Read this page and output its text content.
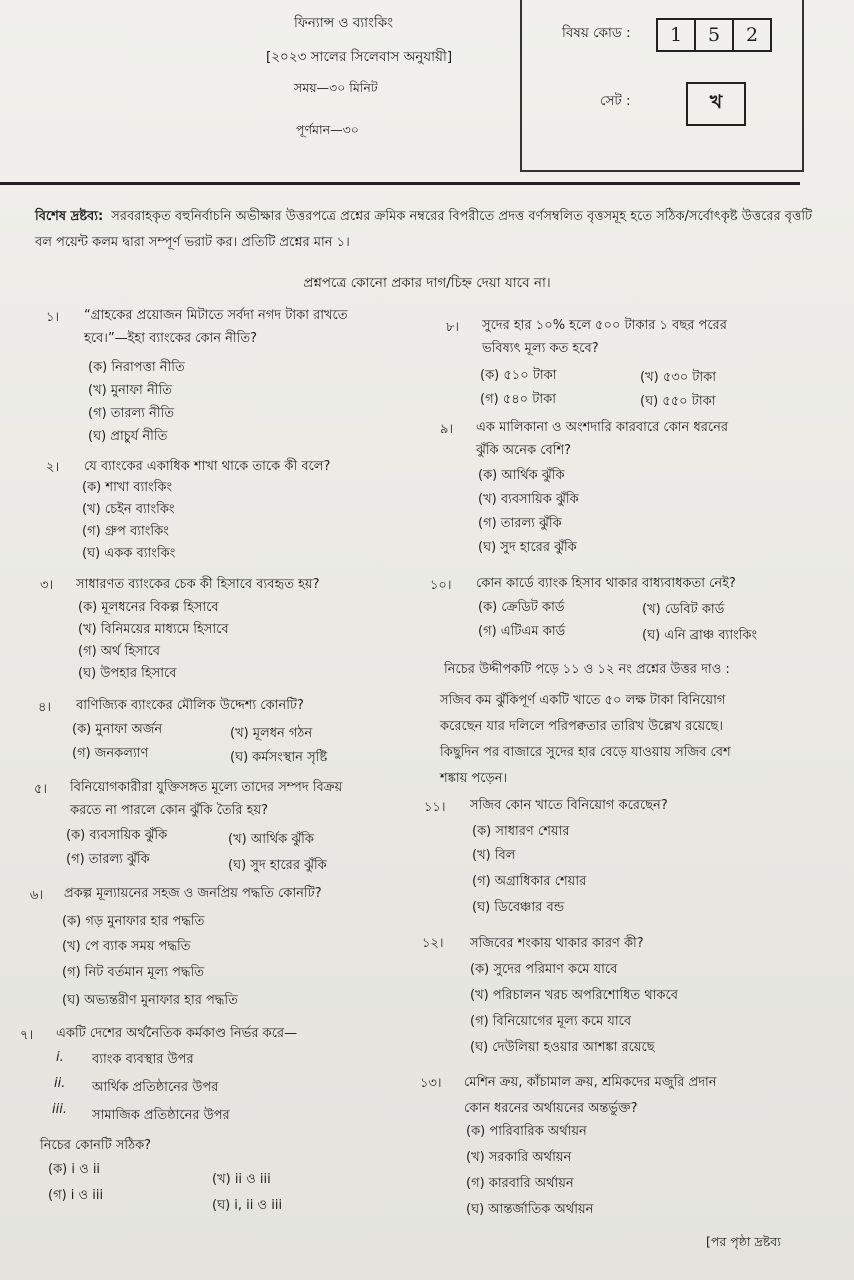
ফিন্যান্স ও ব্যাংকিং
[২০২৩ সালের সিলেবাস অনুযায়ী]
সময়—৩০ মিনিট
পূর্ণমান—৩০
বিষয় কোড :	1	5	2
সেট :	খ
বিশেষ দ্রষ্টব্য: সরবরাহকৃত বহুনির্বাচনি অভীক্ষার উত্তরপত্রে প্রশ্নের ক্রমিক নম্বরের বিপরীতে প্রদত্ত বর্ণসম্বলিত বৃত্তসমূহ হতে সঠিক/সর্বোৎকৃষ্ট উত্তরের বৃত্তটি বল পয়েন্ট কলম দ্বারা সম্পূর্ণ ভরাট কর। প্রতিটি প্রশ্নের মান ১।
প্রশ্নপত্রে কোনো প্রকার দাগ/চিহ্ন দেয়া যাবে না।
১। “গ্রাহকের প্রয়োজন মিটাতে সর্বদা নগদ টাকা রাখতে
হবে।”—ইহা ব্যাংকের কোন নীতি?
(ক) নিরাপত্তা নীতি
(খ) মুনাফা নীতি
(গ) তারল্য নীতি
(ঘ) প্রাচুর্য নীতি
২। যে ব্যাংকের একাধিক শাখা থাকে তাকে কী বলে?
(ক) শাখা ব্যাংকিং
(খ) চেইন ব্যাংকিং
(গ) গ্রুপ ব্যাংকিং
(ঘ) একক ব্যাংকিং
৩। সাধারণত ব্যাংকের চেক কী হিসাবে ব্যবহৃত হয়?
(ক) মূলধনের বিকল্প হিসাবে
(খ) বিনিময়ের মাধ্যমে হিসাবে
(গ) অর্থ হিসাবে
(ঘ) উপহার হিসাবে
৪। বাণিজ্যিক ব্যাংকের মৌলিক উদ্দেশ্য কোনটি?
(ক) মুনাফা অর্জন	(খ) মূলধন গঠন
(গ) জনকল্যাণ	(ঘ) কর্মসংস্থান সৃষ্টি
৫। বিনিয়োগকারীরা যুক্তিসঙ্গত মূল্যে তাদের সম্পদ বিক্রয়
করতে না পারলে কোন ঝুঁকি তৈরি হয়?
(ক) ব্যবসায়িক ঝুঁকি	(খ) আর্থিক ঝুঁকি
(গ) তারল্য ঝুঁকি	(ঘ) সুদ হারের ঝুঁকি
৬। প্রকল্প মূল্যায়নের সহজ ও জনপ্রিয় পদ্ধতি কোনটি?
(ক) গড় মুনাফার হার পদ্ধতি
(খ) পে ব্যাক সময় পদ্ধতি
(গ) নিট বর্তমান মূল্য পদ্ধতি
(ঘ) অভ্যন্তরীণ মুনাফার হার পদ্ধতি
৭। একটি দেশের অর্থনৈতিক কর্মকাণ্ড নির্ভর করে—
i. ব্যাংক ব্যবস্থার উপর
ii. আর্থিক প্রতিষ্ঠানের উপর
iii. সামাজিক প্রতিষ্ঠানের উপর
নিচের কোনটি সঠিক?
(ক) i ও ii
(খ) ii ও iii
(গ) i ও iii
(ঘ) i, ii ও iii
৮। সুদের হার ১০% হলে ৫০০ টাকার ১ বছর পরের
ভবিষ্যৎ মূল্য কত হবে?
(ক) ৫১০ টাকা	(খ) ৫৩০ টাকা
(গ) ৫৪০ টাকা	(ঘ) ৫৫০ টাকা
৯। এক মালিকানা ও অংশদারি কারবারে কোন ধরনের
ঝুঁকি অনেক বেশি?
(ক) আর্থিক ঝুঁকি
(খ) ব্যবসায়িক ঝুঁকি
(গ) তারল্য ঝুঁকি
(ঘ) সুদ হারের ঝুঁকি
১০। কোন কার্ডে ব্যাংক হিসাব থাকার বাধ্যবাধকতা নেই?
(ক) ক্রেডিট কার্ড	(খ) ডেবিট কার্ড
(গ) এটিএম কার্ড	(ঘ) এনি ব্রাঞ্চ ব্যাংকিং
নিচের উদ্দীপকটি পড়ে ১১ ও ১২ নং প্রশ্নের উত্তর দাও :
সজিব কম ঝুঁকিপূর্ণ একটি খাতে ৫০ লক্ষ টাকা বিনিয়োগ
করেছেন যার দলিলে পরিপক্বতার তারিখ উল্লেখ রয়েছে।
কিছুদিন পর বাজারে সুদের হার বেড়ে যাওয়ায় সজিব বেশ
শঙ্কায় পড়েন।
১১। সজিব কোন খাতে বিনিয়োগ করেছেন?
(ক) সাধারণ শেয়ার
(খ) বিল
(গ) অগ্রাধিকার শেয়ার
(ঘ) ডিবেঞ্চার বন্ড
১২। সজিবের শংকায় থাকার কারণ কী?
(ক) সুদের পরিমাণ কমে যাবে
(খ) পরিচালন খরচ অপরিশোধিত থাকবে
(গ) বিনিয়োগের মূল্য কমে যাবে
(ঘ) দেউলিয়া হওয়ার আশঙ্কা রয়েছে
১৩। মেশিন ক্রয়, কাঁচামাল ক্রয়, শ্রমিকদের মজুরি প্রদান
কোন ধরনের অর্থায়নের অন্তর্ভুক্ত?
(ক) পারিবারিক অর্থায়ন
(খ) সরকারি অর্থায়ন
(গ) কারবারি অর্থায়ন
(ঘ) আন্তর্জাতিক অর্থায়ন
[পর পৃষ্ঠা দ্রষ্টব্য
